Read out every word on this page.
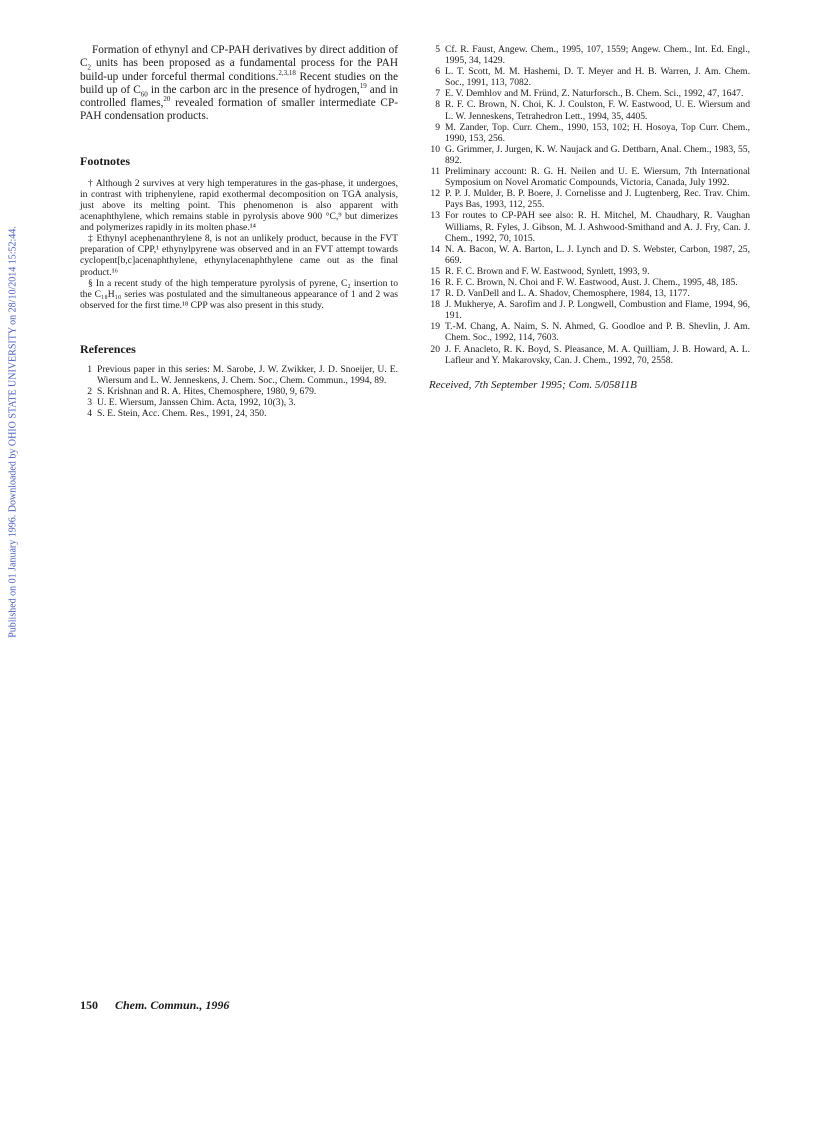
Published on 01 January 1996. Downloaded by OHIO STATE UNIVERSITY on 28/10/2014 15:52:44.

Formation of ethynyl and CP-PAH derivatives by direct addition of $C_2$ units has been proposed as a fundamental process for the PAH build-up under forceful thermal conditions.$^{2,3,18}$ Recent studies on the build up of $C_{60}$ in the carbon arc in the presence of hydrogen,$^{19}$ and in controlled flames,$^{20}$ revealed formation of smaller intermediate CP-PAH condensation products.

Footnotes

† Although 2 survives at very high temperatures in the gas-phase, it undergoes, in contrast with triphenylene, rapid exothermal decomposition on TGA analysis, just above its melting point. This phenomenon is also apparent with acenaphthylene, which remains stable in pyrolysis above 900 °C,⁹ but dimerizes and polymerizes rapidly in its molten phase.¹⁴

‡ Ethynyl acephenanthrylene 8, is not an unlikely product, because in the FVT preparation of CPP,¹ ethynylpyrene was observed and in an FVT attempt towards cyclopent[b,c]acenaphthylene, ethynylacenaphthylene came out as the final product.¹⁶

§ In a recent study of the high temperature pyrolysis of pyrene, C₂ insertion to the C₁₈H₁₀ series was postulated and the simultaneous appearance of 1 and 2 was observed for the first time.¹⁸ CPP was also present in this study.

References
1 Previous paper in this series: M. Sarobe, J. W. Zwikker, J. D. Snoeijer, U. E. Wiersum and L. W. Jenneskens, J. Chem. Soc., Chem. Commun., 1994, 89.
2 S. Krishnan and R. A. Hites, Chemosphere, 1980, 9, 679.
3 U. E. Wiersum, Janssen Chim. Acta, 1992, 10(3), 3.
4 S. E. Stein, Acc. Chem. Res., 1991, 24, 350.
5 Cf. R. Faust, Angew. Chem., 1995, 107, 1559; Angew. Chem., Int. Ed. Engl., 1995, 34, 1429.
6 L. T. Scott, M. M. Hashemi, D. T. Meyer and H. B. Warren, J. Am. Chem. Soc., 1991, 113, 7082.
7 E. V. Demhlov and M. Fründ, Z. Naturforsch., B. Chem. Sci., 1992, 47, 1647.
8 R. F. C. Brown, N. Choi, K. J. Coulston, F. W. Eastwood, U. E. Wiersum and L. W. Jenneskens, Tetrahedron Lett., 1994, 35, 4405.
9 M. Zander, Top. Curr. Chem., 1990, 153, 102; H. Hosoya, Top Curr. Chem., 1990, 153, 256.
10 G. Grimmer, J. Jurgen, K. W. Naujack and G. Dettbarn, Anal. Chem., 1983, 55, 892.
11 Preliminary account: R. G. H. Neilen and U. E. Wiersum, 7th International Symposium on Novel Aromatic Compounds, Victoria, Canada, July 1992.
12 P. P. J. Mulder, B. P. Boere, J. Cornelisse and J. Lugtenberg, Rec. Trav. Chim. Pays Bas, 1993, 112, 255.
13 For routes to CP-PAH see also: R. H. Mitchel, M. Chaudhary, R. Vaughan Williams, R. Fyles, J. Gibson, M. J. Ashwood-Smithand and A. J. Fry, Can. J. Chem., 1992, 70, 1015.
14 N. A. Bacon, W. A. Barton, L. J. Lynch and D. S. Webster, Carbon, 1987, 25, 669.
15 R. F. C. Brown and F. W. Eastwood, Synlett, 1993, 9.
16 R. F. C. Brown, N. Choi and F. W. Eastwood, Aust. J. Chem., 1995, 48, 185.
17 R. D. VanDell and L. A. Shadov, Chemosphere, 1984, 13, 1177.
18 J. Mukherye, A. Sarofim and J. P. Longwell, Combustion and Flame, 1994, 96, 191.
19 T.-M. Chang, A. Naim, S. N. Ahmed, G. Goodloe and P. B. Shevlin, J. Am. Chem. Soc., 1992, 114, 7603.
20 J. F. Anacleto, R. K. Boyd, S. Pleasance, M. A. Quilliam, J. B. Howard, A. L. Lafleur and Y. Makarovsky, Can. J. Chem., 1992, 70, 2558.
Received, 7th September 1995; Com. 5/05811B
150 Chem. Commun., 1996
